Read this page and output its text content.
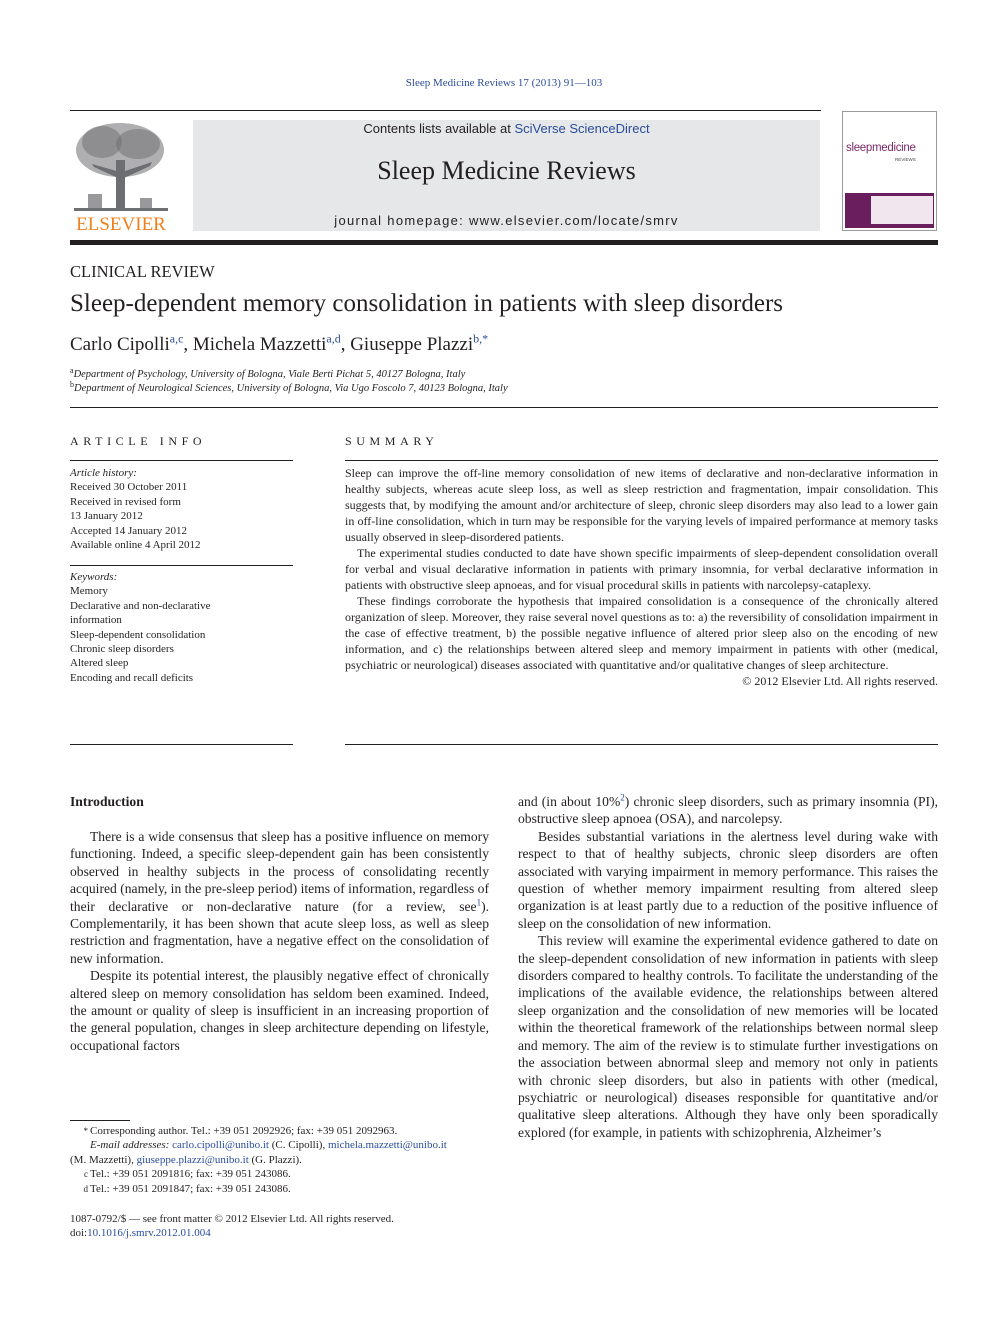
Sleep Medicine Reviews 17 (2013) 91—103
ELSEVIER
Contents lists available at SciVerse ScienceDirect
Sleep Medicine Reviews
journal homepage: www.elsevier.com/locate/smrv
sleepmedicine
REVIEWS
CLINICAL REVIEW
Sleep-dependent memory consolidation in patients with sleep disorders
Carlo Cipolli$^{a,c}$, Michela Mazzetti$^{a,d}$, Giuseppe Plazzi$^{b,*}$
$^a$Department of Psychology, University of Bologna, Viale Berti Pichat 5, 40127 Bologna, Italy
$^b$Department of Neurological Sciences, University of Bologna, Via Ugo Foscolo 7, 40123 Bologna, Italy
ARTICLE INFO
Article history:
Received 30 October 2011
Received in revised form
13 January 2012
Accepted 14 January 2012
Available online 4 April 2012
Keywords:
Memory
Declarative and non-declarative
information
Sleep-dependent consolidation
Chronic sleep disorders
Altered sleep
Encoding and recall deficits
SUMMARY

Sleep can improve the off-line memory consolidation of new items of declarative and non-declarative information in healthy subjects, whereas acute sleep loss, as well as sleep restriction and fragmentation, impair consolidation. This suggests that, by modifying the amount and/or architecture of sleep, chronic sleep disorders may also lead to a lower gain in off-line consolidation, which in turn may be responsible for the varying levels of impaired performance at memory tasks usually observed in sleep-disordered patients.

The experimental studies conducted to date have shown specific impairments of sleep-dependent consolidation overall for verbal and visual declarative information in patients with primary insomnia, for verbal declarative information in patients with obstructive sleep apnoeas, and for visual procedural skills in patients with narcolepsy-cataplexy.

These findings corroborate the hypothesis that impaired consolidation is a consequence of the chronically altered organization of sleep. Moreover, they raise several novel questions as to: a) the reversibility of consolidation impairment in the case of effective treatment, b) the possible negative influence of altered prior sleep also on the encoding of new information, and c) the relationships between altered sleep and memory impairment in patients with other (medical, psychiatric or neurological) diseases associated with quantitative and/or qualitative changes of sleep architecture.

© 2012 Elsevier Ltd. All rights reserved.
Introduction

There is a wide consensus that sleep has a positive influence on memory functioning. Indeed, a specific sleep-dependent gain has been consistently observed in healthy subjects in the process of consolidating recently acquired (namely, in the pre-sleep period) items of information, regardless of their declarative or non-declarative nature (for a review, see$^1$). Complementarily, it has been shown that acute sleep loss, as well as sleep restriction and fragmentation, have a negative effect on the consolidation of new information.

Despite its potential interest, the plausibly negative effect of chronically altered sleep on memory consolidation has seldom been examined. Indeed, the amount or quality of sleep is insufficient in an increasing proportion of the general population, changes in sleep architecture depending on lifestyle, occupational factors

and (in about 10%$^2$) chronic sleep disorders, such as primary insomnia (PI), obstructive sleep apnoea (OSA), and narcolepsy.

Besides substantial variations in the alertness level during wake with respect to that of healthy subjects, chronic sleep disorders are often associated with varying impairment in memory performance. This raises the question of whether memory impairment resulting from altered sleep organization is at least partly due to a reduction of the positive influence of sleep on the consolidation of new information.

This review will examine the experimental evidence gathered to date on the sleep-dependent consolidation of new information in patients with sleep disorders compared to healthy controls. To facilitate the understanding of the implications of the available evidence, the relationships between altered sleep organization and the consolidation of new memories will be located within the theoretical framework of the relationships between normal sleep and memory. The aim of the review is to stimulate further investigations on the association between abnormal sleep and memory not only in patients with chronic sleep disorders, but also in patients with other (medical, psychiatric or neurological) diseases responsible for quantitative and/or qualitative sleep alterations. Although they have only been sporadically explored (for example, in patients with schizophrenia, Alzheimer’s

* Corresponding author. Tel.: +39 051 2092926; fax: +39 051 2092963.
E-mail addresses: carlo.cipolli@unibo.it (C. Cipolli), michela.mazzetti@unibo.it
(M. Mazzetti), giuseppe.plazzi@unibo.it (G. Plazzi).
c Tel.: +39 051 2091816; fax: +39 051 243086.
d Tel.: +39 051 2091847; fax: +39 051 243086.
1087-0792/$ — see front matter © 2012 Elsevier Ltd. All rights reserved.
doi:10.1016/j.smrv.2012.01.004
